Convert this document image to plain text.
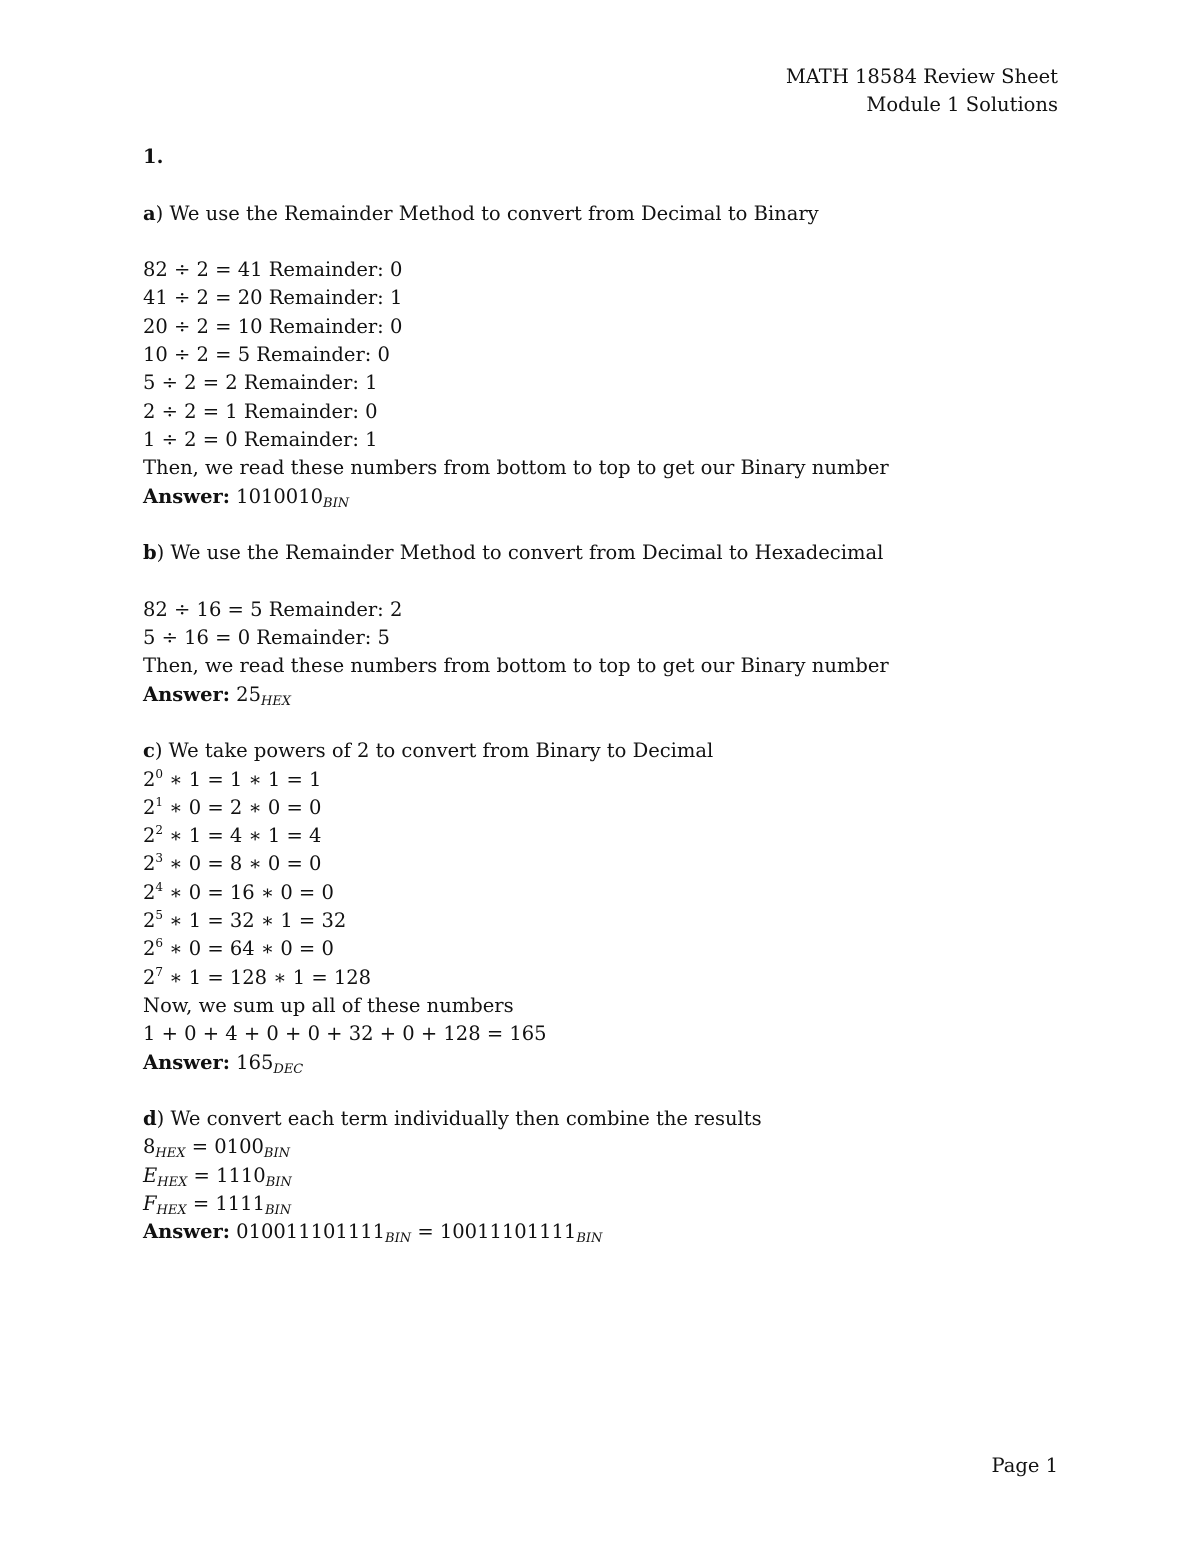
MATH 18584 Review Sheet
Module 1 Solutions
1.
a) We use the Remainder Method to convert from Decimal to Binary
82 ÷ 2 = 41 Remainder: 0
41 ÷ 2 = 20 Remainder: 1
20 ÷ 2 = 10 Remainder: 0
10 ÷ 2 = 5 Remainder: 0
5 ÷ 2 = 2 Remainder: 1
2 ÷ 2 = 1 Remainder: 0
1 ÷ 2 = 0 Remainder: 1
Then, we read these numbers from bottom to top to get our Binary number
Answer: $1010010_{BIN}$
b) We use the Remainder Method to convert from Decimal to Hexadecimal
82 ÷ 16 = 5 Remainder: 2
5 ÷ 16 = 0 Remainder: 5
Then, we read these numbers from bottom to top to get our Binary number
Answer: $25_{HEX}$
c) We take powers of 2 to convert from Binary to Decimal
$2^0$ ∗ 1 = 1 ∗ 1 = 1
$2^1$ ∗ 0 = 2 ∗ 0 = 0
$2^2$ ∗ 1 = 4 ∗ 1 = 4
$2^3$ ∗ 0 = 8 ∗ 0 = 0
$2^4$ ∗ 0 = 16 ∗ 0 = 0
$2^5$ ∗ 1 = 32 ∗ 1 = 32
$2^6$ ∗ 0 = 64 ∗ 0 = 0
$2^7$ ∗ 1 = 128 ∗ 1 = 128
Now, we sum up all of these numbers
1 + 0 + 4 + 0 + 0 + 32 + 0 + 128 = 165
Answer: $165_{DEC}$
d) We convert each term individually then combine the results
$8_{HEX} = 0100_{BIN}$
$E_{HEX} = 1110_{BIN}$
$F_{HEX} = 1111_{BIN}$
Answer: $010011101111_{BIN} = 10011101111_{BIN}$
Page 1
